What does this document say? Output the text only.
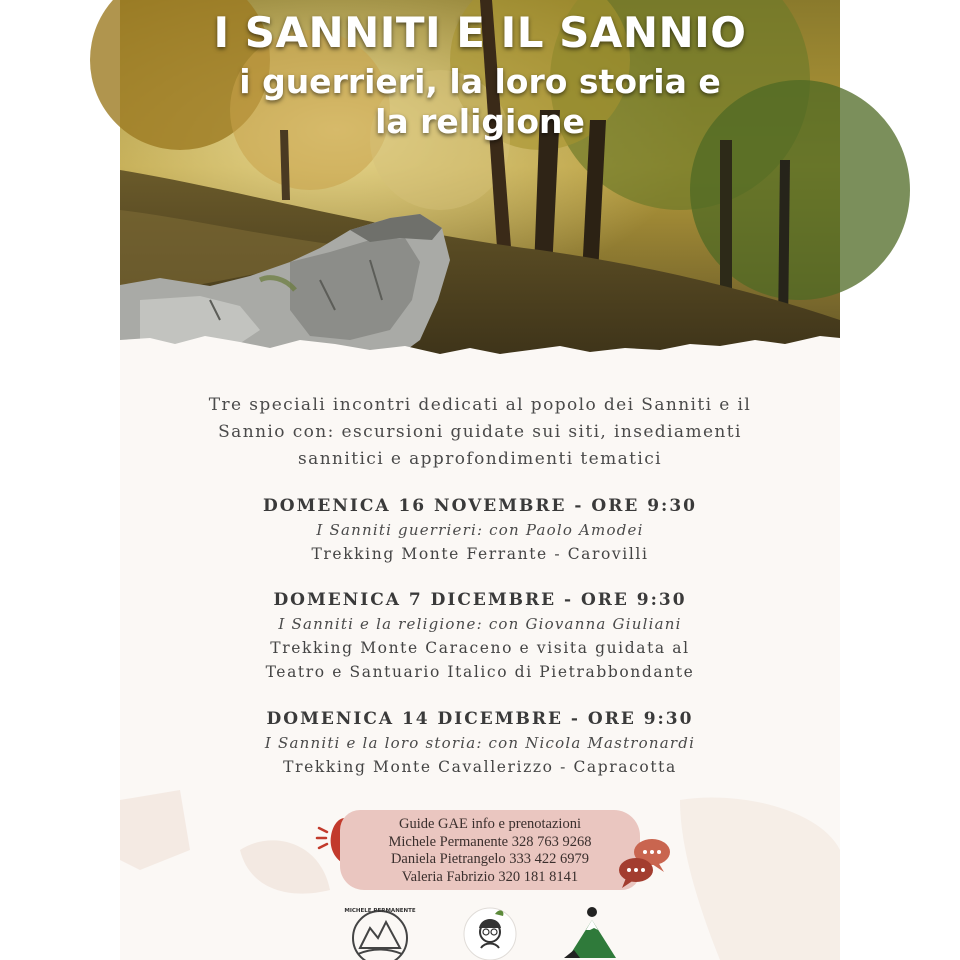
I SANNITI E IL SANNIO
i guerrieri, la loro storia e
la religione
Tre speciali incontri dedicati al popolo dei Sanniti e il
Sannio con: escursioni guidate sui siti, insediamenti
sannitici e approfondimenti tematici
DOMENICA 16 NOVEMBRE - ORE 9:30
I Sanniti guerrieri: con Paolo Amodei
Trekking Monte Ferrante - Carovilli
DOMENICA 7 DICEMBRE - ORE 9:30
I Sanniti e la religione: con Giovanna Giuliani
Trekking Monte Caraceno e visita guidata al
Teatro e Santuario Italico di Pietrabbondante
DOMENICA 14 DICEMBRE - ORE 9:30
I Sanniti e la loro storia: con Nicola Mastronardi
Trekking Monte Cavallerizzo - Capracotta
Guide GAE info e prenotazioni
Michele Permanente 328 763 9268
Daniela Pietrangelo 333 422 6979
Valeria Fabrizio 320 181 8141
MICHELE PERMANENTE
